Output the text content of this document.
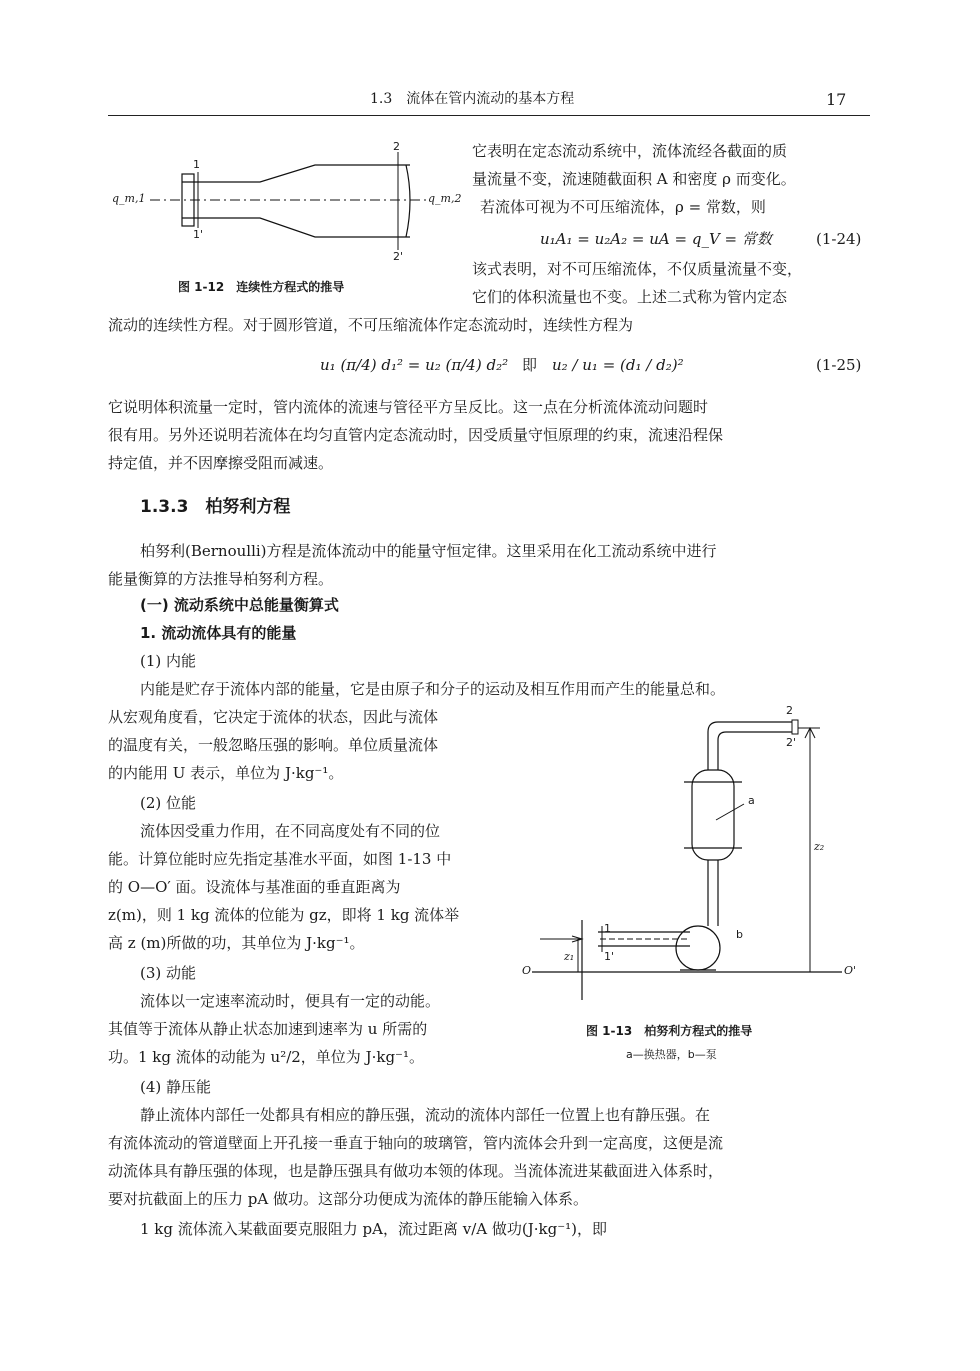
1.3　流体在管内流动的基本方程	17
q_m,1	q_m,2
1
1'
2
2'
图 1-12　连续性方程式的推导
它表明在定态流动系统中，流体流经各截面的质
量流量不变，流速随截面积 A 和密度 ρ 而变化。
若流体可视为不可压缩流体，ρ = 常数，则
u₁A₁ = u₂A₂ = uA = q_V = 常数	(1-24)
该式表明，对不可压缩流体，不仅质量流量不变，
它们的体积流量也不变。上述二式称为管内定态
流动的连续性方程。对于圆形管道，不可压缩流体作定态流动时，连续性方程为
u₁ (π/4) d₁² = u₂ (π/4) d₂² 即 u₂ / u₁ = (d₁ / d₂)²	(1-25)
它说明体积流量一定时，管内流体的流速与管径平方呈反比。这一点在分析流体流动问题时
很有用。另外还说明若流体在均匀直管内定态流动时，因受质量守恒原理的约束，流速沿程保
持定值，并不因摩擦受阻而减速。
1.3.3　柏努利方程
柏努利(Bernoulli)方程是流体流动中的能量守恒定律。这里采用在化工流动系统中进行
能量衡算的方法推导柏努利方程。
(一) 流动系统中总能量衡算式
1. 流动流体具有的能量
(1) 内能
内能是贮存于流体内部的能量，它是由原子和分子的运动及相互作用而产生的能量总和。
从宏观角度看，它决定于流体的状态，因此与流体
的温度有关，一般忽略压强的影响。单位质量流体
的内能用 U 表示，单位为 J·kg⁻¹。
(2) 位能
流体因受重力作用，在不同高度处有不同的位
能。计算位能时应先指定基准水平面，如图 1-13 中
的 O—O′ 面。设流体与基准面的垂直距离为
z(m)，则 1 kg 流体的位能为 gz，即将 1 kg 流体举
高 z (m)所做的功，其单位为 J·kg⁻¹。
(3) 动能
流体以一定速率流动时，便具有一定的动能。
其值等于流体从静止状态加速到速率为 u 所需的
功。1 kg 流体的动能为 u²/2，单位为 J·kg⁻¹。
2
2'
a
b
z₂
z₁
1
1'
O	O'
图 1-13　柏努利方程式的推导
a—换热器，b—泵
(4) 静压能
静止流体内部任一处都具有相应的静压强，流动的流体内部任一位置上也有静压强。在
有流体流动的管道壁面上开孔接一垂直于轴向的玻璃管，管内流体会升到一定高度，这便是流
动流体具有静压强的体现，也是静压强具有做功本领的体现。当流体流进某截面进入体系时，
要对抗截面上的压力 pA 做功。这部分功便成为流体的静压能输入体系。
1 kg 流体流入某截面要克服阻力 pA，流过距离 v/A 做功(J·kg⁻¹)，即
